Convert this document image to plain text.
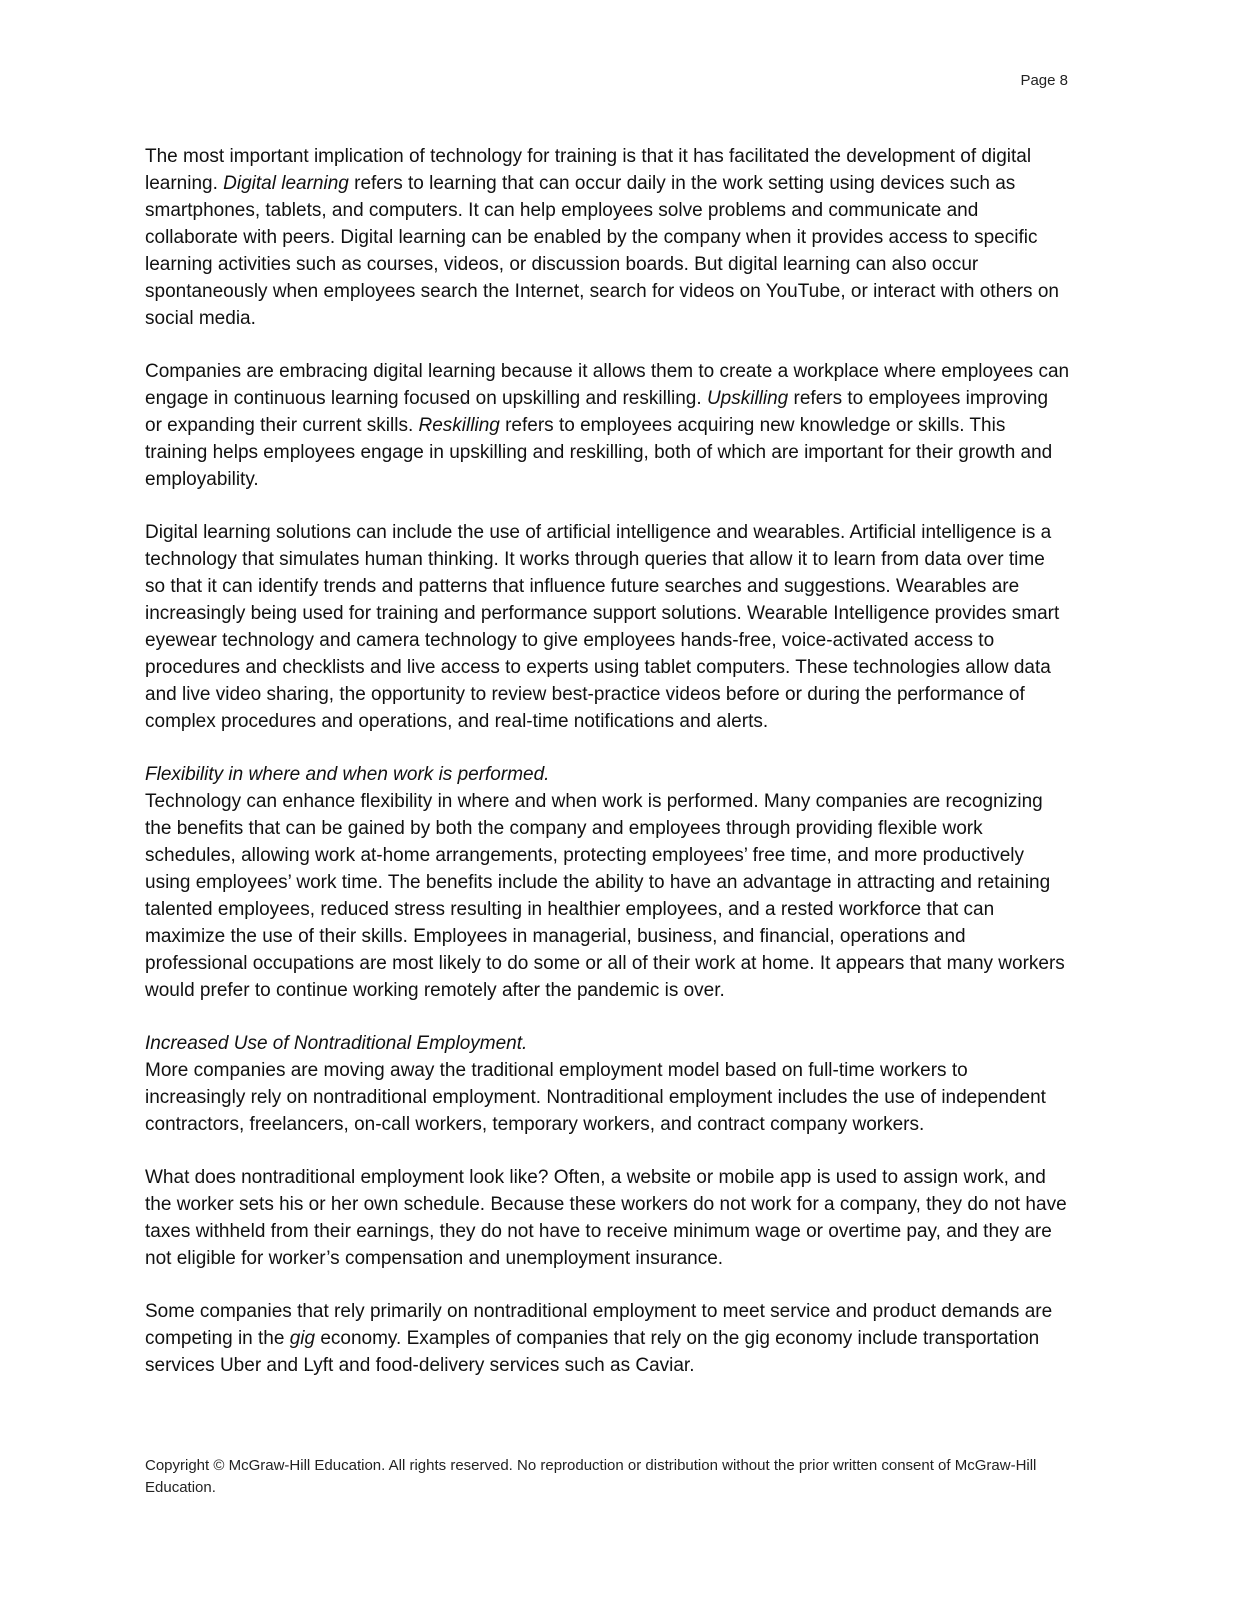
Page 8

The most important implication of technology for training is that it has facilitated the development of digital learning. Digital learning refers to learning that can occur daily in the work setting using devices such as smartphones, tablets, and computers. It can help employees solve problems and communicate and collaborate with peers. Digital learning can be enabled by the company when it provides access to specific learning activities such as courses, videos, or discussion boards. But digital learning can also occur spontaneously when employees search the Internet, search for videos on YouTube, or interact with others on social media.

Companies are embracing digital learning because it allows them to create a workplace where employees can engage in continuous learning focused on upskilling and reskilling. Upskilling refers to employees improving or expanding their current skills. Reskilling refers to employees acquiring new knowledge or skills. This training helps employees engage in upskilling and reskilling, both of which are important for their growth and employability.

Digital learning solutions can include the use of artificial intelligence and wearables. Artificial intelligence is a technology that simulates human thinking. It works through queries that allow it to learn from data over time so that it can identify trends and patterns that influence future searches and suggestions. Wearables are increasingly being used for training and performance support solutions. Wearable Intelligence provides smart eyewear technology and camera technology to give employees hands-free, voice-activated access to procedures and checklists and live access to experts using tablet computers. These technologies allow data and live video sharing, the opportunity to review best-practice videos before or during the performance of complex procedures and operations, and real-time notifications and alerts.

Flexibility in where and when work is performed.

Technology can enhance flexibility in where and when work is performed. Many companies are recognizing the benefits that can be gained by both the company and employees through providing flexible work schedules, allowing work at-home arrangements, protecting employees’ free time, and more productively using employees’ work time. The benefits include the ability to have an advantage in attracting and retaining talented employees, reduced stress resulting in healthier employees, and a rested workforce that can maximize the use of their skills. Employees in managerial, business, and financial, operations and professional occupations are most likely to do some or all of their work at home. It appears that many workers would prefer to continue working remotely after the pandemic is over.

Increased Use of Nontraditional Employment.

More companies are moving away the traditional employment model based on full-time workers to increasingly rely on nontraditional employment. Nontraditional employment includes the use of independent contractors, freelancers, on-call workers, temporary workers, and contract company workers.

What does nontraditional employment look like? Often, a website or mobile app is used to assign work, and the worker sets his or her own schedule. Because these workers do not work for a company, they do not have taxes withheld from their earnings, they do not have to receive minimum wage or overtime pay, and they are not eligible for worker’s compensation and unemployment insurance.

Some companies that rely primarily on nontraditional employment to meet service and product demands are competing in the gig economy. Examples of companies that rely on the gig economy include transportation services Uber and Lyft and food-delivery services such as Caviar.

Copyright © McGraw-Hill Education. All rights reserved. No reproduction or distribution without the prior written consent of McGraw-Hill Education.
